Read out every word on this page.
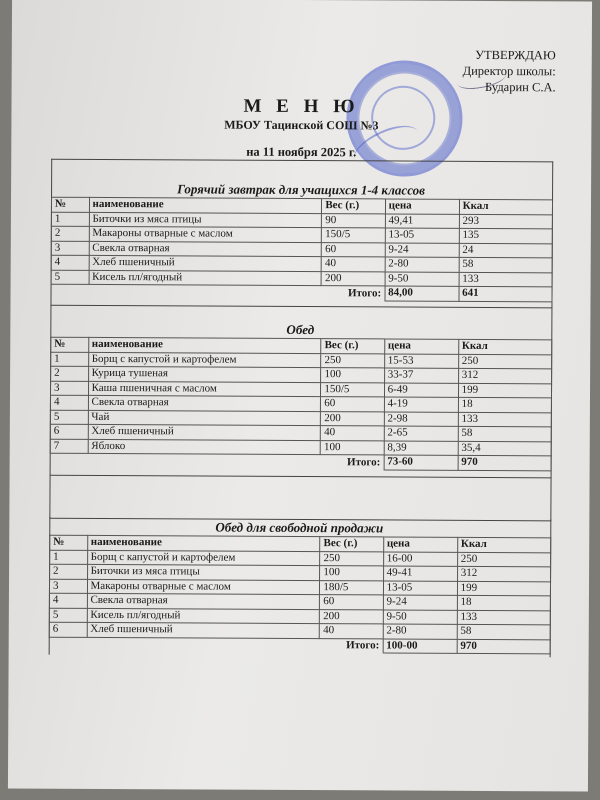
УТВЕРЖДАЮ
Директор школы:
Бударин С.А.
М Е Н Ю
МБОУ Тацинской СОШ №3
на 11 ноября 2025 г.
Горячий завтрак для учащихся 1-4 классов
№	наименование	Вес (г.)	цена	Ккал
1	Биточки из мяса птицы	90	49,41	293
2	Макароны отварные с маслом	150/5	13-05	135
3	Свекла отварная	60	9-24	24
4	Хлеб пшеничный	40	2-80	58
5	Кисель пл/ягодный	200	9-50	133
Итого:			84,00	641
Обед
№	наименование	Вес (г.)	цена	Ккал
1	Борщ с капустой и картофелем	250	15-53	250
2	Курица тушеная	100	33-37	312
3	Каша пшеничная с маслом	150/5	6-49	199
4	Свекла отварная	60	4-19	18
5	Чай	200	2-98	133
6	Хлеб пшеничный	40	2-65	58
7	Яблоко	100	8,39	35,4
Итого:			73-60	970
Обед для свободной продажи
№	наименование	Вес (г.)	цена	Ккал
1	Борщ с капустой и картофелем	250	16-00	250
2	Биточки из мяса птицы	100	49-41	312
3	Макароны отварные с маслом	180/5	13-05	199
4	Свекла отварная	60	9-24	18
5	Кисель пл/ягодный	200	9-50	133
6	Хлеб пшеничный	40	2-80	58
Итого:			100-00	970
